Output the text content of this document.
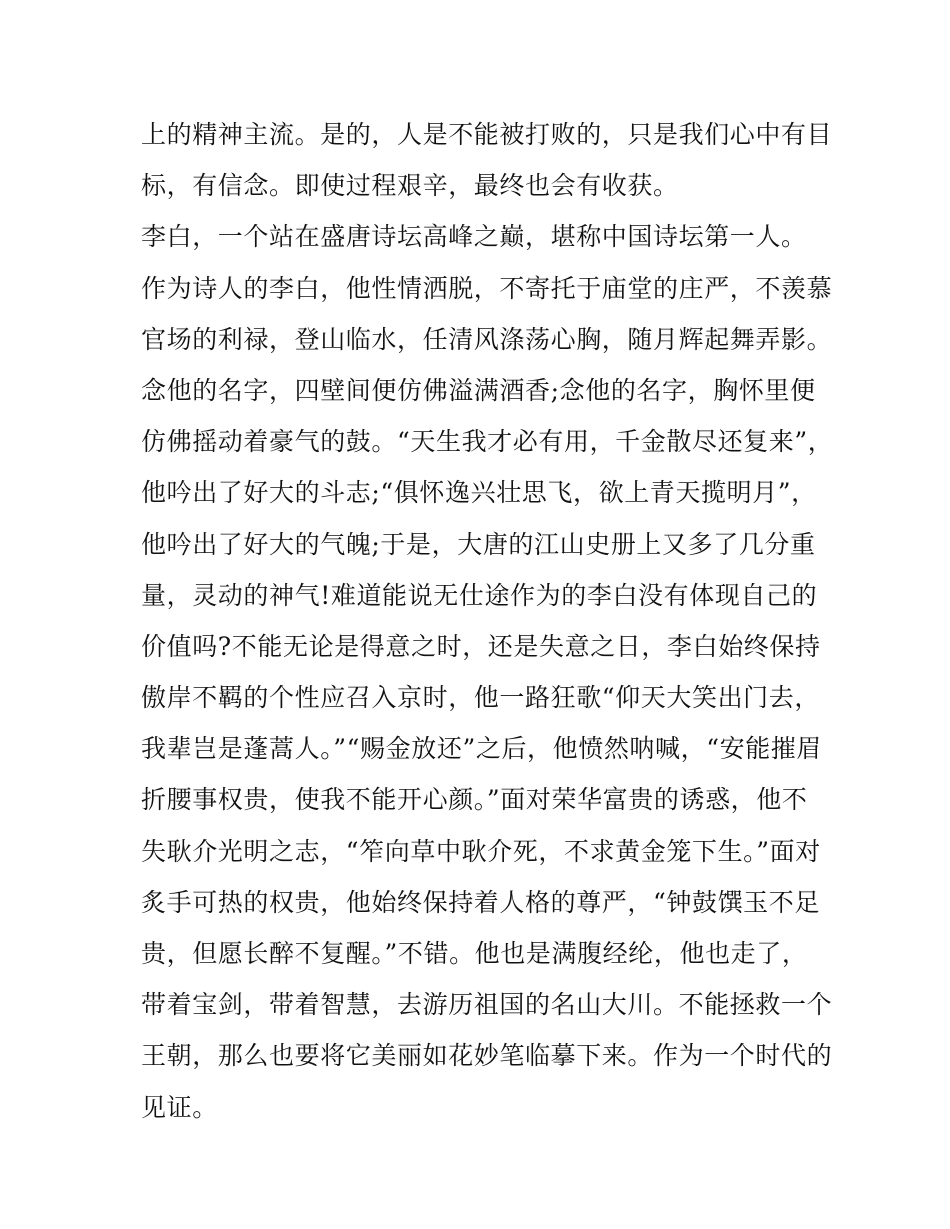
上的精神主流。是的，人是不能被打败的，只是我们心中有目
标，有信念。即使过程艰辛，最终也会有收获。
李白，一个站在盛唐诗坛高峰之巅，堪称中国诗坛第一人。
作为诗人的李白，他性情洒脱，不寄托于庙堂的庄严，不羡慕
官场的利禄，登山临水，任清风涤荡心胸，随月辉起舞弄影。
念他的名字，四壁间便仿佛溢满酒香;念他的名字，胸怀里便
仿佛摇动着豪气的鼓。“天生我才必有用，千金散尽还复来”，
他吟出了好大的斗志;“俱怀逸兴壮思飞，欲上青天揽明月”，
他吟出了好大的气魄;于是，大唐的江山史册上又多了几分重
量，灵动的神气!难道能说无仕途作为的李白没有体现自己的
价值吗?不能无论是得意之时，还是失意之日，李白始终保持
傲岸不羁的个性应召入京时，他一路狂歌“仰天大笑出门去，
我辈岂是蓬蒿人。”“赐金放还”之后，他愤然呐喊，“安能摧眉
折腰事权贵，使我不能开心颜。”面对荣华富贵的诱惑，他不
失耿介光明之志，“笮向草中耿介死，不求黄金笼下生。”面对
炙手可热的权贵，他始终保持着人格的尊严，“钟鼓馔玉不足
贵，但愿长醉不复醒。”不错。他也是满腹经纶，他也走了，
带着宝剑，带着智慧，去游历祖国的名山大川。不能拯救一个
王朝，那么也要将它美丽如花妙笔临摹下来。作为一个时代的
见证。
